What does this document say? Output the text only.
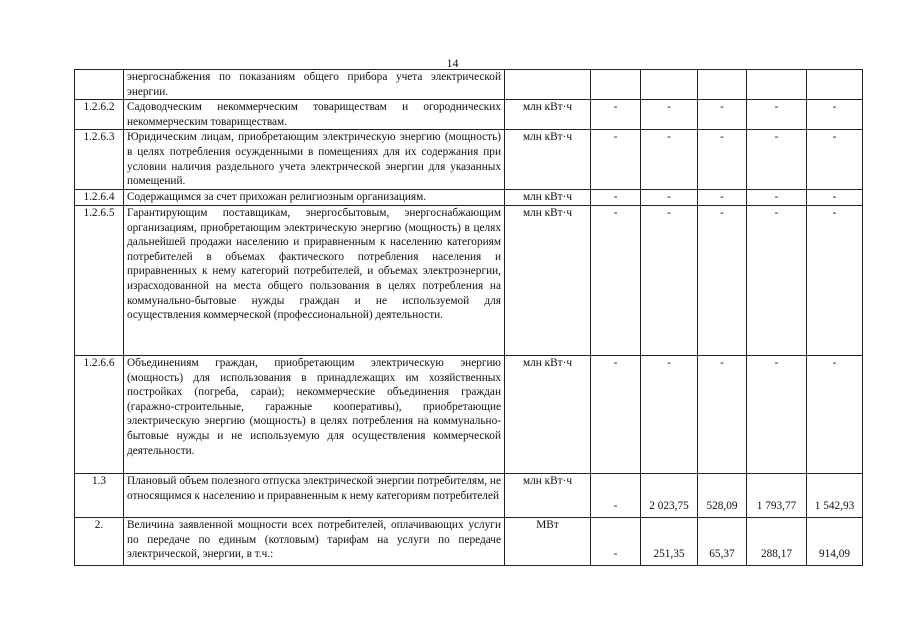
14
	энергоснабжения по показаниям общего прибора учета электрической энергии.						
1.2.6.2	Садоводческим некоммерческим товариществам и огороднических некоммерческим товариществам.	млн кВт·ч	-	-	-	-	-
1.2.6.3	Юридическим лицам, приобретающим электрическую энергию (мощность) в целях потребления осужденными в помещениях для их содержания при условии наличия раздельного учета электрической энергии для указанных помещений.	млн кВт·ч	-	-	-	-	-
1.2.6.4	Содержащимся за счет прихожан религиозным организациям.	млн кВт·ч	-	-	-	-	-
1.2.6.5	Гарантирующим поставщикам, энергосбытовым, энергоснабжающим организациям, приобретающим электрическую энергию (мощность) в целях дальнейшей продажи населению и приравненным к населению категориям потребителей в объемах фактического потребления населения и приравненных к нему категорий потребителей, и объемах электроэнергии, израсходованной на места общего пользования в целях потребления на коммунально-бытовые нужды граждан и не используемой для осуществления коммерческой (профессиональной) деятельности.	млн кВт·ч	-	-	-	-	-
1.2.6.6	Объединениям граждан, приобретающим электрическую энергию (мощность) для использования в принадлежащих им хозяйственных постройках (погреба, сараи); некоммерческие объединения граждан (гаражно-строительные, гаражные кооперативы), приобретающие электрическую энергию (мощность) в целях потребления на коммунально-бытовые нужды и не используемую для осуществления коммерческой деятельности.	млн кВт·ч	-	-	-	-	-
1.3	Плановый объем полезного отпуска электрической энергии потребителям, не относящимся к населению и приравненным к нему категориям потребителей	млн кВт·ч	-	2 023,75	528,09	1 793,77	1 542,93
2.	Величина заявленной мощности всех потребителей, оплачивающих услуги по передаче по единым (котловым) тарифам на услуги по передаче электрической, энергии, в т.ч.:	МВт	-	251,35	65,37	288,17	914,09
